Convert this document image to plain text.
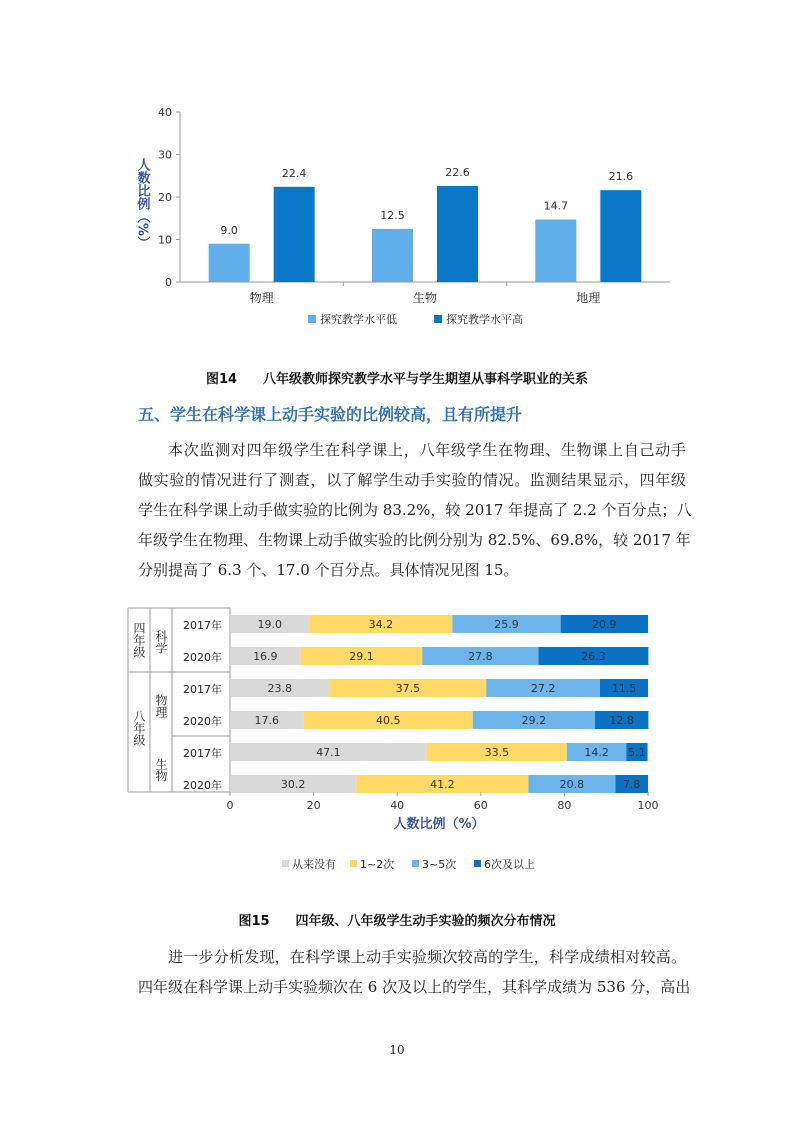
0
10
20
30
40
物理
9.0
22.4
生物
12.5
22.6
地理
14.7
21.6
人数比例（%）
探究教学水平低	探究教学水平高
图14 八年级教师探究教学水平与学生期望从事科学职业的关系
五、学生在科学课上动手实验的比例较高，且有所提升
本次监测对四年级学生在科学课上，八年级学生在物理、生物课上自己动手
做实验的情况进行了测查，以了解学生动手实验的情况。监测结果显示，四年级
学生在科学课上动手做实验的比例为 83.2%，较 2017 年提高了 2.2 个百分点；八
年级学生在物理、生物课上动手做实验的比例分别为 82.5%、69.8%，较 2017 年
分别提高了 6.3 个、17.0 个百分点。具体情况见图 15。
四年级 科学
八年级
物理
生物
2017年	19.0	34.2	25.9	20.9
2020年	16.9	29.1	27.8	26.3
2017年	23.8	37.5	27.2	11.5
2020年	17.6	40.5	29.2	12.8
2017年	47.1	33.5	14.2 5.1
2020年	30.2	41.2	20.8	7.8
0	20	40	60	80	100
人数比例（%）
从来没有 1~2次	3~5次	6次及以上
图15 四年级、八年级学生动手实验的频次分布情况
进一步分析发现，在科学课上动手实验频次较高的学生，科学成绩相对较高。
四年级在科学课上动手实验频次在 6 次及以上的学生，其科学成绩为 536 分，高出
10
